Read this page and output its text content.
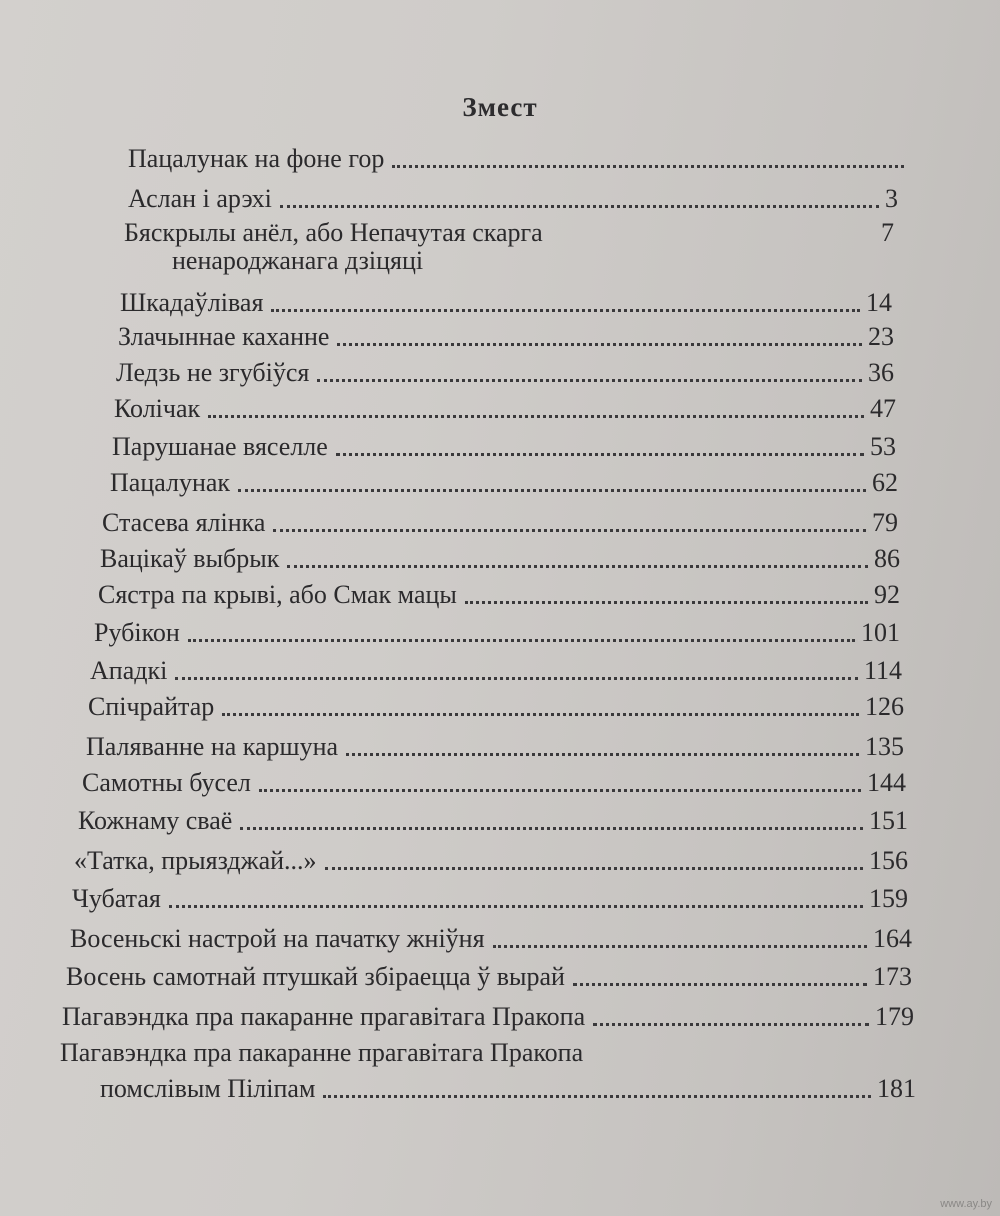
Змест
Пацалунак на фоне гор
Аслан і арэхі	3
Бяскрылы анёл, або Непачутая скарга	7
ненароджанага дзіцяці
Шкадаўлівая	14
Злачыннае каханне	23
Ледзь не згубіўся	36
Колічак	47
Парушанае вяселле	53
Пацалунак	62
Стасева ялінка	79
Вацікаў выбрык	86
Сястра па крыві, або Смак мацы	92
Рубікон	101
Ападкі	114
Спічрайтар	126
Паляванне на каршуна	135
Самотны бусел	144
Кожнаму сваё	151
«Татка, прыязджай...»	156
Чубатая	159
Восеньскі настрой на пачатку жніўня	164
Восень самотнай птушкай збіраецца ў вырай	173
Пагавэндка пра пакаранне прагавітага Пракопа	179
Пагавэндка пра пакаранне прагавітага Пракопа
помслівым Піліпам	181
www.ay.by
